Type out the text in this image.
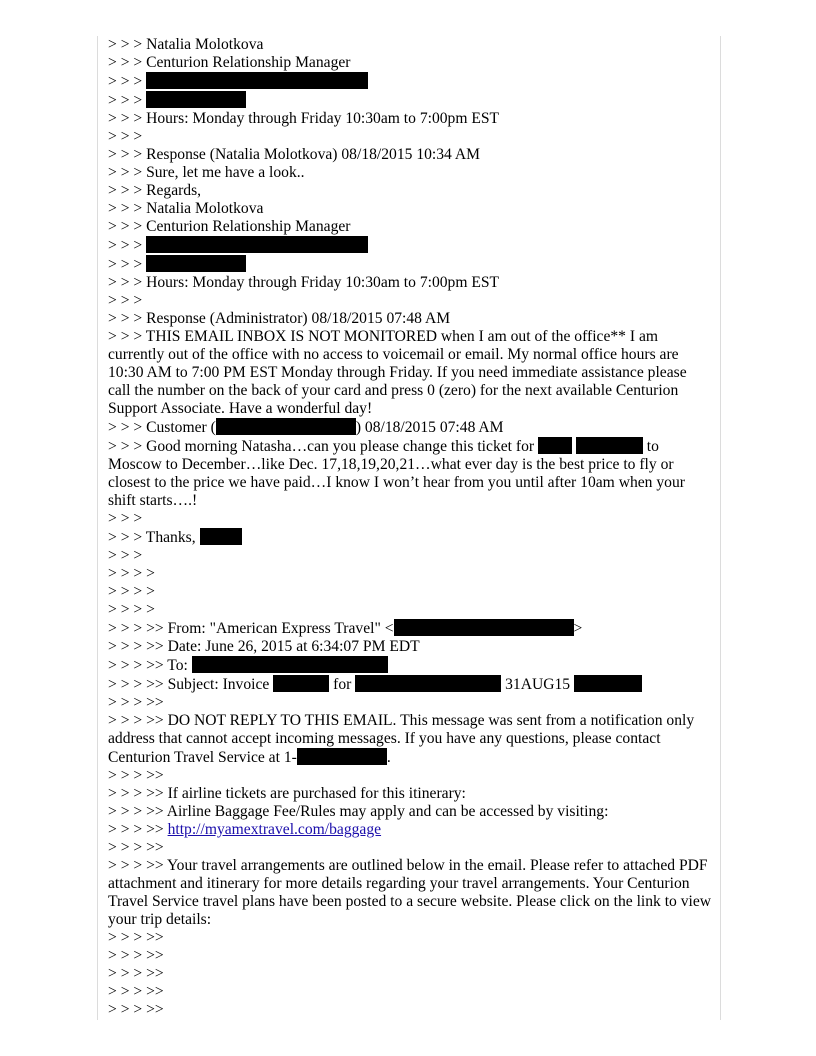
> > > Natalia Molotkova

> > > Centurion Relationship Manager

> > >

> > >

> > > Hours: Monday through Friday 10:30am to 7:00pm EST

> > >

> > > Response (Natalia Molotkova) 08/18/2015 10:34 AM

> > > Sure, let me have a look..

> > > Regards,

> > > Natalia Molotkova

> > > Centurion Relationship Manager

> > >

> > >

> > > Hours: Monday through Friday 10:30am to 7:00pm EST

> > >

> > > Response (Administrator) 08/18/2015 07:48 AM

> > > THIS EMAIL INBOX IS NOT MONITORED when I am out of the office** I am currently out of the office with no access to voicemail or email. My normal office hours are 10:30 AM to 7:00 PM EST Monday through Friday. If you need immediate assistance please call the number on the back of your card and press 0 (zero) for the next available Centurion Support Associate. Have a wonderful day!

> > > Customer (	) 08/18/2015 07:48 AM

> > > Good morning Natasha…can you please change this ticket for	to Moscow to December…like Dec. 17,18,19,20,21…what ever day is the best price to fly or closest to the price we have paid…I know I won’t hear from you until after 10am when your shift starts….!

> > >

> > > Thanks,

> > >

> > > >

> > > >

> > > >

> > > >> From: "American Express Travel" <	>

> > > >> Date: June 26, 2015 at 6:34:07 PM EDT

> > > >> To:

> > > >> Subject: Invoice	for	31AUG15

> > > >>

> > > >> DO NOT REPLY TO THIS EMAIL. This message was sent from a notification only address that cannot accept incoming messages. If you have any questions, please contact Centurion Travel Service at 1-	.

> > > >>

> > > >> If airline tickets are purchased for this itinerary:

> > > >> Airline Baggage Fee/Rules may apply and can be accessed by visiting:

> > > >> http://myamextravel.com/baggage

> > > >>

> > > >> Your travel arrangements are outlined below in the email. Please refer to attached PDF attachment and itinerary for more details regarding your travel arrangements. Your Centurion Travel Service travel plans have been posted to a secure website. Please click on the link to view your trip details:

> > > >>

> > > >>

> > > >>

> > > >>

> > > >>
